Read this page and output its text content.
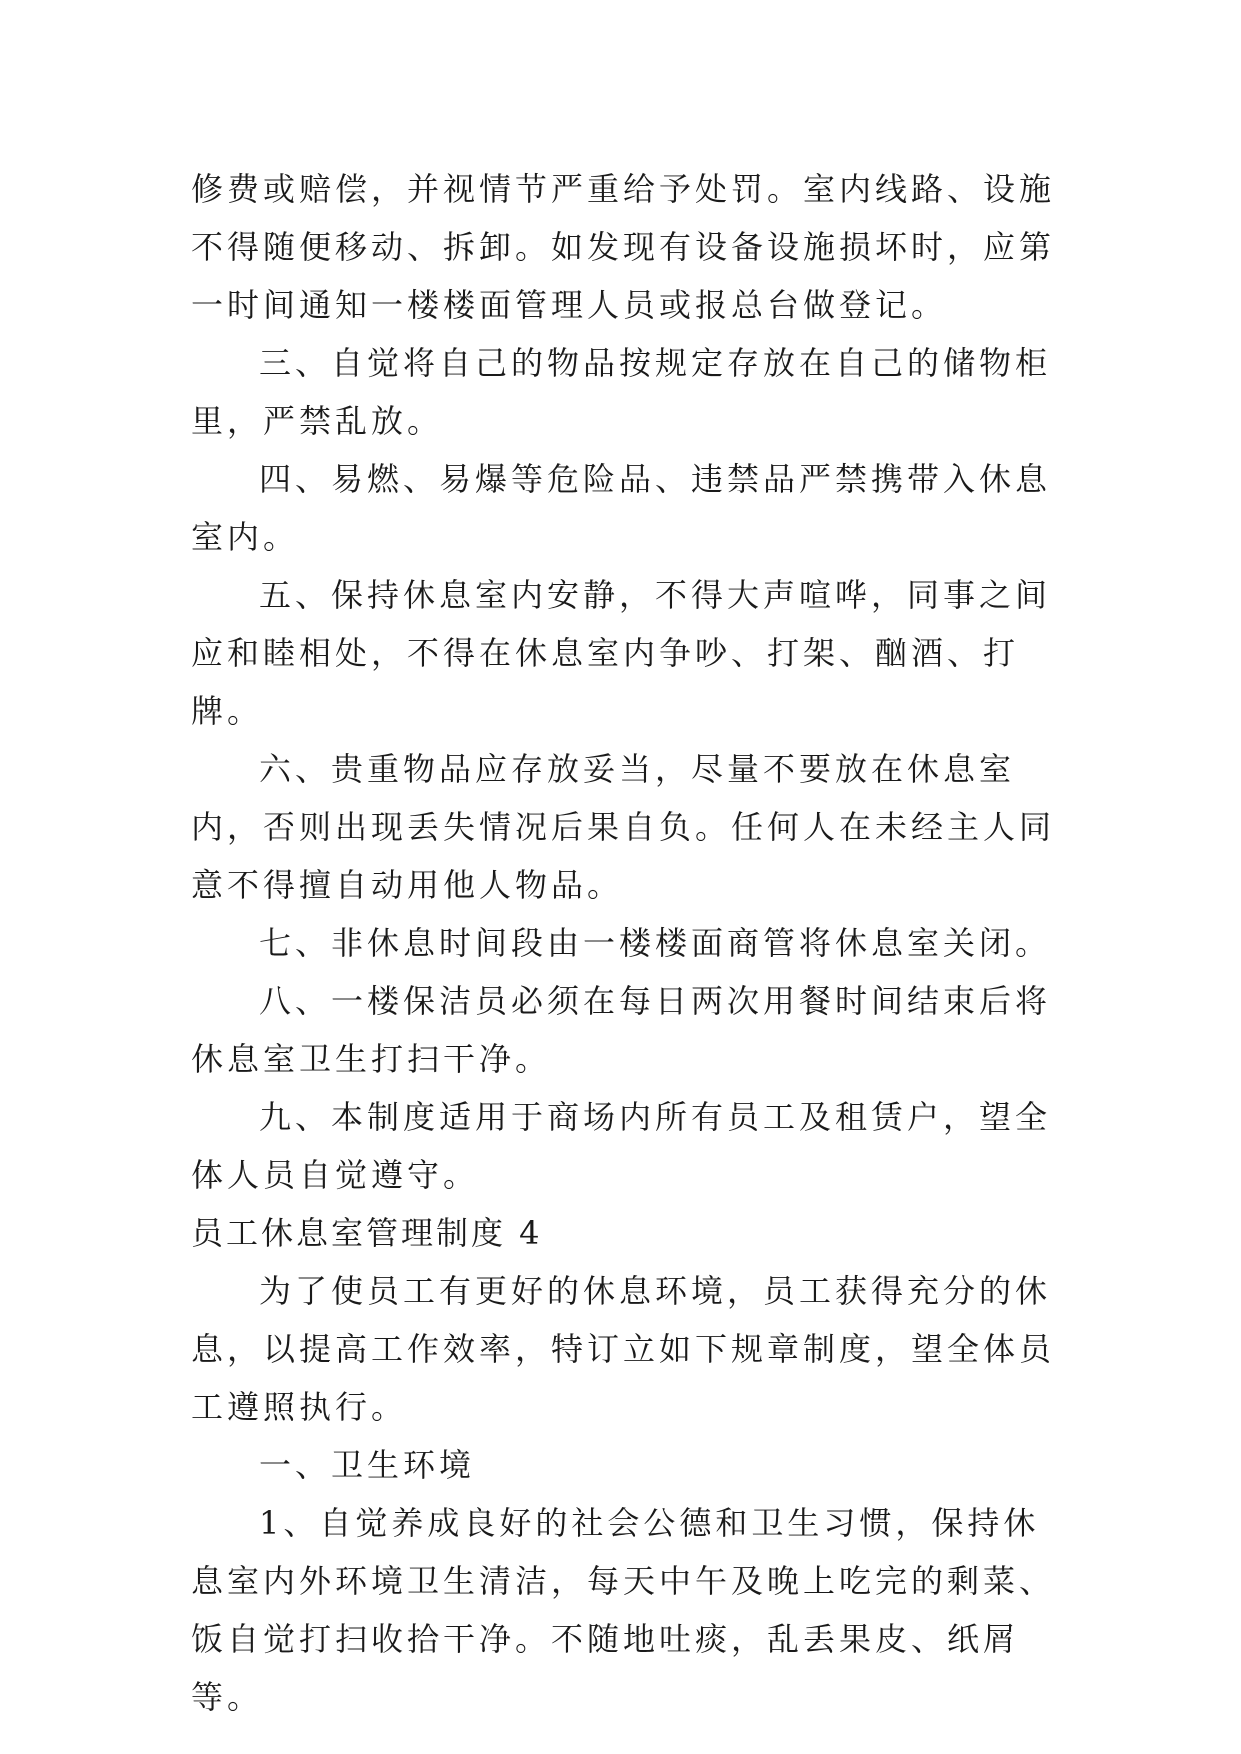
修费或赔偿，并视情节严重给予处罚。室内线路、设施不得随便移动、拆卸。如发现有设备设施损坏时，应第一时间通知一楼楼面管理人员或报总台做登记。

三、自觉将自己的物品按规定存放在自己的储物柜里，严禁乱放。

四、易燃、易爆等危险品、违禁品严禁携带入休息室内。

五、保持休息室内安静，不得大声喧哗，同事之间应和睦相处，不得在休息室内争吵、打架、酗酒、打牌。

六、贵重物品应存放妥当，尽量不要放在休息室内，否则出现丢失情况后果自负。任何人在未经主人同意不得擅自动用他人物品。

七、非休息时间段由一楼楼面商管将休息室关闭。

八、一楼保洁员必须在每日两次用餐时间结束后将休息室卫生打扫干净。

九、本制度适用于商场内所有员工及租赁户，望全体人员自觉遵守。

员工休息室管理制度 4

为了使员工有更好的休息环境，员工获得充分的休息，以提高工作效率，特订立如下规章制度，望全体员工遵照执行。

一、卫生环境

1、自觉养成良好的社会公德和卫生习惯，保持休息室内外环境卫生清洁，每天中午及晚上吃完的剩菜、饭自觉打扫收拾干净。不随地吐痰，乱丢果皮、纸屑等。
